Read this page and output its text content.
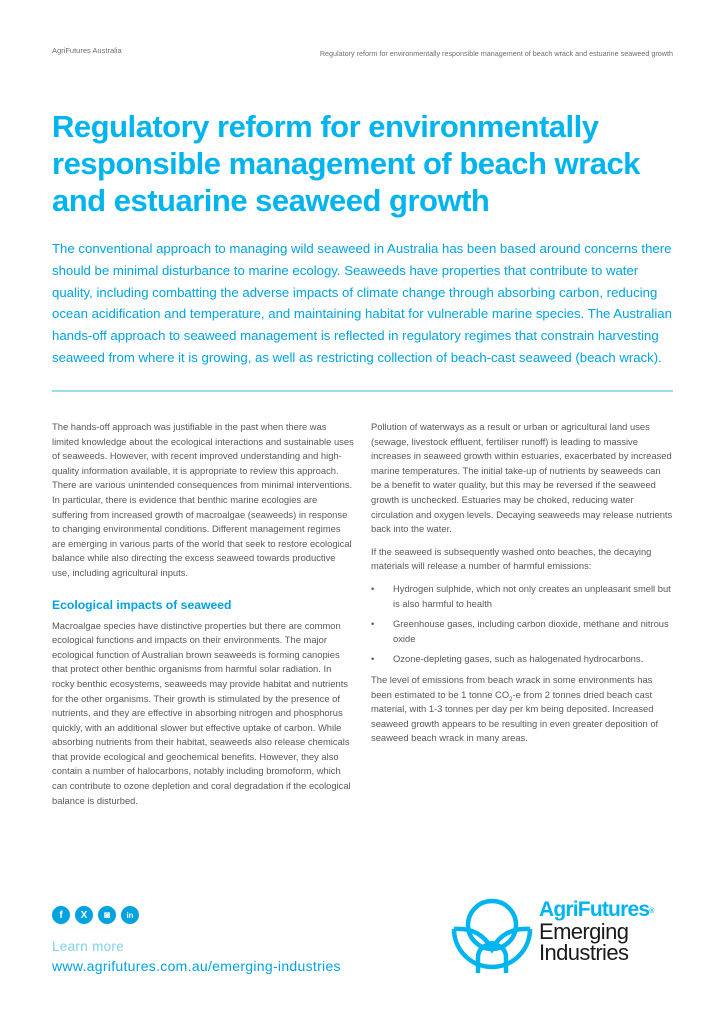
AgriFutures Australia	Regulatory reform for environmentally responsible management of beach wrack and estuarine seaweed growth
Regulatory reform for environmentally responsible management of beach wrack and estuarine seaweed growth

The conventional approach to managing wild seaweed in Australia has been based around concerns there should be minimal disturbance to marine ecology. Seaweeds have properties that contribute to water quality, including combatting the adverse impacts of climate change through absorbing carbon, reducing ocean acidification and temperature, and maintaining habitat for vulnerable marine species. The Australian hands-off approach to seaweed management is reflected in regulatory regimes that constrain harvesting seaweed from where it is growing, as well as restricting collection of beach-cast seaweed (beach wrack).

The hands-off approach was justifiable in the past when there was limited knowledge about the ecological interactions and sustainable uses of seaweeds. However, with recent improved understanding and high-quality information available, it is appropriate to review this approach. There are various unintended consequences from minimal interventions. In particular, there is evidence that benthic marine ecologies are suffering from increased growth of macroalgae (seaweeds) in response to changing environmental conditions. Different management regimes are emerging in various parts of the world that seek to restore ecological balance while also directing the excess seaweed towards productive use, including agricultural inputs.

Ecological impacts of seaweed

Macroalgae species have distinctive properties but there are common ecological functions and impacts on their environments. The major ecological function of Australian brown seaweeds is forming canopies that protect other benthic organisms from harmful solar radiation. In rocky benthic ecosystems, seaweeds may provide habitat and nutrients for the other organisms. Their growth is stimulated by the presence of nutrients, and they are effective in absorbing nitrogen and phosphorus quickly, with an additional slower but effective uptake of carbon. While absorbing nutrients from their habitat, seaweeds also release chemicals that provide ecological and geochemical benefits. However, they also contain a number of halocarbons, notably including bromoform, which can contribute to ozone depletion and coral degradation if the ecological balance is disturbed.

Pollution of waterways as a result or urban or agricultural land uses (sewage, livestock effluent, fertiliser runoff) is leading to massive increases in seaweed growth within estuaries, exacerbated by increased marine temperatures. The initial take-up of nutrients by seaweeds can be a benefit to water quality, but this may be reversed if the seaweed growth is unchecked. Estuaries may be choked, reducing water circulation and oxygen levels. Decaying seaweeds may release nutrients back into the water.

If the seaweed is subsequently washed onto beaches, the decaying materials will release a number of harmful emissions:

• Hydrogen sulphide, which not only creates an unpleasant smell but is also harmful to health
• Greenhouse gases, including carbon dioxide, methane and nitrous oxide
• Ozone-depleting gases, such as halogenated hydrocarbons.

The level of emissions from beach wrack in some environments has been estimated to be 1 tonne $CO_2-e$ from 2 tonnes dried beach cast material, with 1-3 tonnes per day per km being deposited. Increased seaweed growth appears to be resulting in even greater deposition of seaweed beach wrack in many areas.

f	X	◙	in
Learn more
www.agrifutures.com.au/emerging-industries
AgriFutures®
Emerging
Industries
